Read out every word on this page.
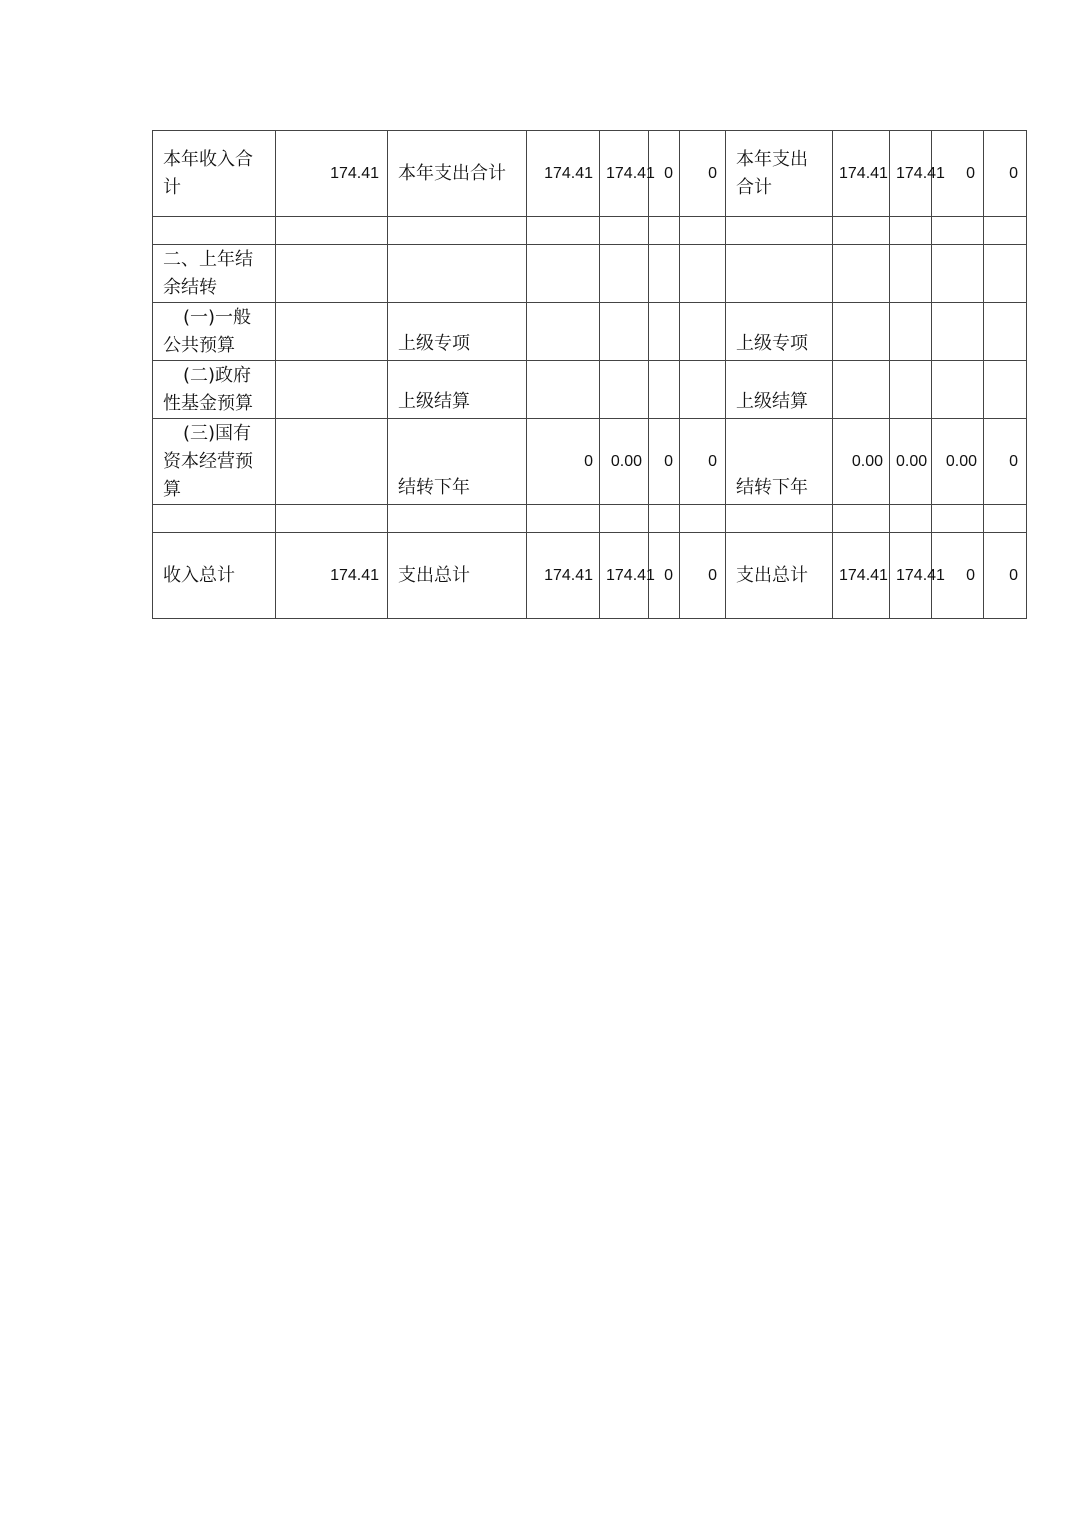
本年收入合计	174.41	本年支出合计	174.41	174.41	0	0	本年支出合计	174.41	174.41	0	0

二、上年结余结转											

(一)一般公共预算		上级专项					上级专项				

(二)政府性基金预算		上级结算					上级结算				

(三)国有资本经营预算		结转下年	0	0.00	0	0	结转下年	0.00	0.00	0.00	0

收入总计	174.41	支出总计	174.41	174.41	0	0	支出总计	174.41	174.41	0	0
